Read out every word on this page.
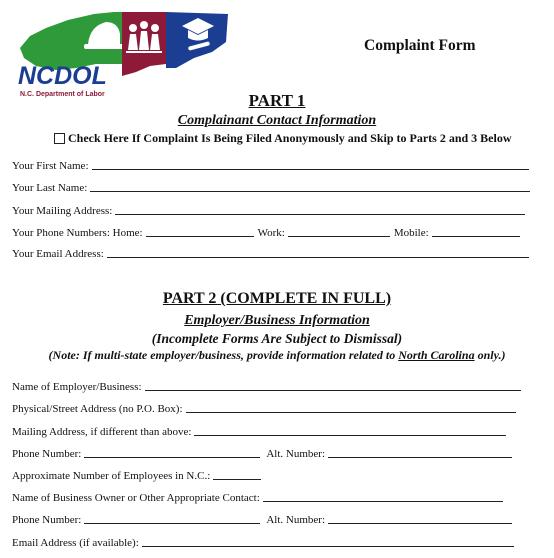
NCDOL
N.C. Department of Labor
Complaint Form
PART 1
Complainant Contact Information
Check Here If Complaint Is Being Filed Anonymously and Skip to Parts 2 and 3 Below
Your First Name:
Your Last Name:
Your Mailing Address:
Your Phone Numbers: Home:	Work:	Mobile:
Your Email Address:
PART 2 (COMPLETE IN FULL)
Employer/Business Information
(Incomplete Forms Are Subject to Dismissal)
(Note: If multi-state employer/business, provide information related to North Carolina only.)
Name of Employer/Business:
Physical/Street Address (no P.O. Box):
Mailing Address, if different than above:
Phone Number:	Alt. Number:
Approximate Number of Employees in N.C.:
Name of Business Owner or Other Appropriate Contact:
Phone Number:	Alt. Number:
Email Address (if available):
